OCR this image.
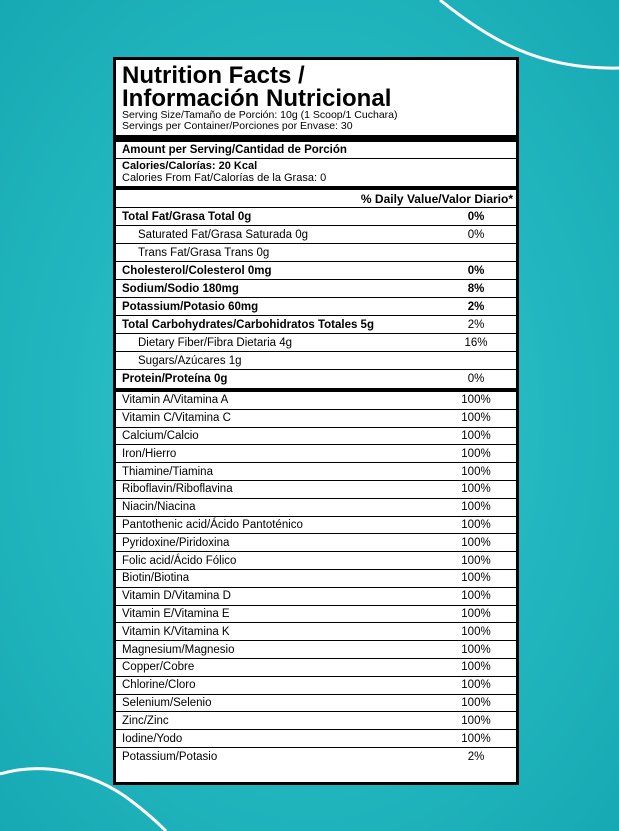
Nutrition Facts /
Información Nutricional
Serving Size/Tamaño de Porción: 10g (1 Scoop/1 Cuchara)
Servings per Container/Porciones por Envase: 30
Amount per Serving/Cantidad de Porción
Calories/Calorías: 20 Kcal
Calories From Fat/Calorías de la Grasa: 0
% Daily Value/Valor Diario*
Total Fat/Grasa Total 0g	0%
Saturated Fat/Grasa Saturada 0g	0%
Trans Fat/Grasa Trans 0g
Cholesterol/Colesterol 0mg	0%
Sodium/Sodio 180mg	8%
Potassium/Potasio 60mg	2%
Total Carbohydrates/Carbohidratos Totales 5g	2%
Dietary Fiber/Fibra Dietaria 4g	16%
Sugars/Azúcares 1g
Protein/Proteína 0g	0%
Vitamin A/Vitamina A	100%
Vitamin C/Vitamina C	100%
Calcium/Calcio	100%
Iron/Hierro	100%
Thiamine/Tiamina	100%
Riboflavin/Riboflavina	100%
Niacin/Niacina	100%
Pantothenic acid/Ácido Pantoténico	100%
Pyridoxine/Piridoxina	100%
Folic acid/Ácido Fólico	100%
Biotin/Biotina	100%
Vitamin D/Vitamina D	100%
Vitamin E/Vitamina E	100%
Vitamin K/Vitamina K	100%
Magnesium/Magnesio	100%
Copper/Cobre	100%
Chlorine/Cloro	100%
Selenium/Selenio	100%
Zinc/Zinc	100%
Iodine/Yodo	100%
Potassium/Potasio	2%
